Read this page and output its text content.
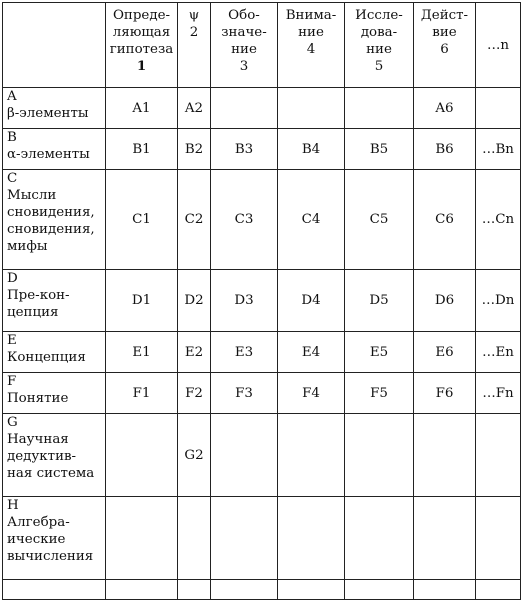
	Опреде-
ляющая
гипотеза
1	ψ
2	Обо-
значе-
ние
3	Внима-
ние
4	Иссле-
дова-
ние
5	Дейст-
вие
6	…n

A
β-элементы	A1	A2				A6	

B
α-элементы	B1	B2	B3	B4	B5	B6	…Bn

C
Мысли
сновидения,
сновидения,
мифы	C1	C2	C3	C4	C5	C6	…Cn

D
Пре-кон-
цепция	D1	D2	D3	D4	D5	D6	…Dn

E
Концепция	E1	E2	E3	E4	E5	E6	…En

F
Понятие	F1	F2	F3	F4	F5	F6	…Fn

G
Научная
дедуктив-
ная система		G2					

H
Алгебра-
ические
вычисления							
